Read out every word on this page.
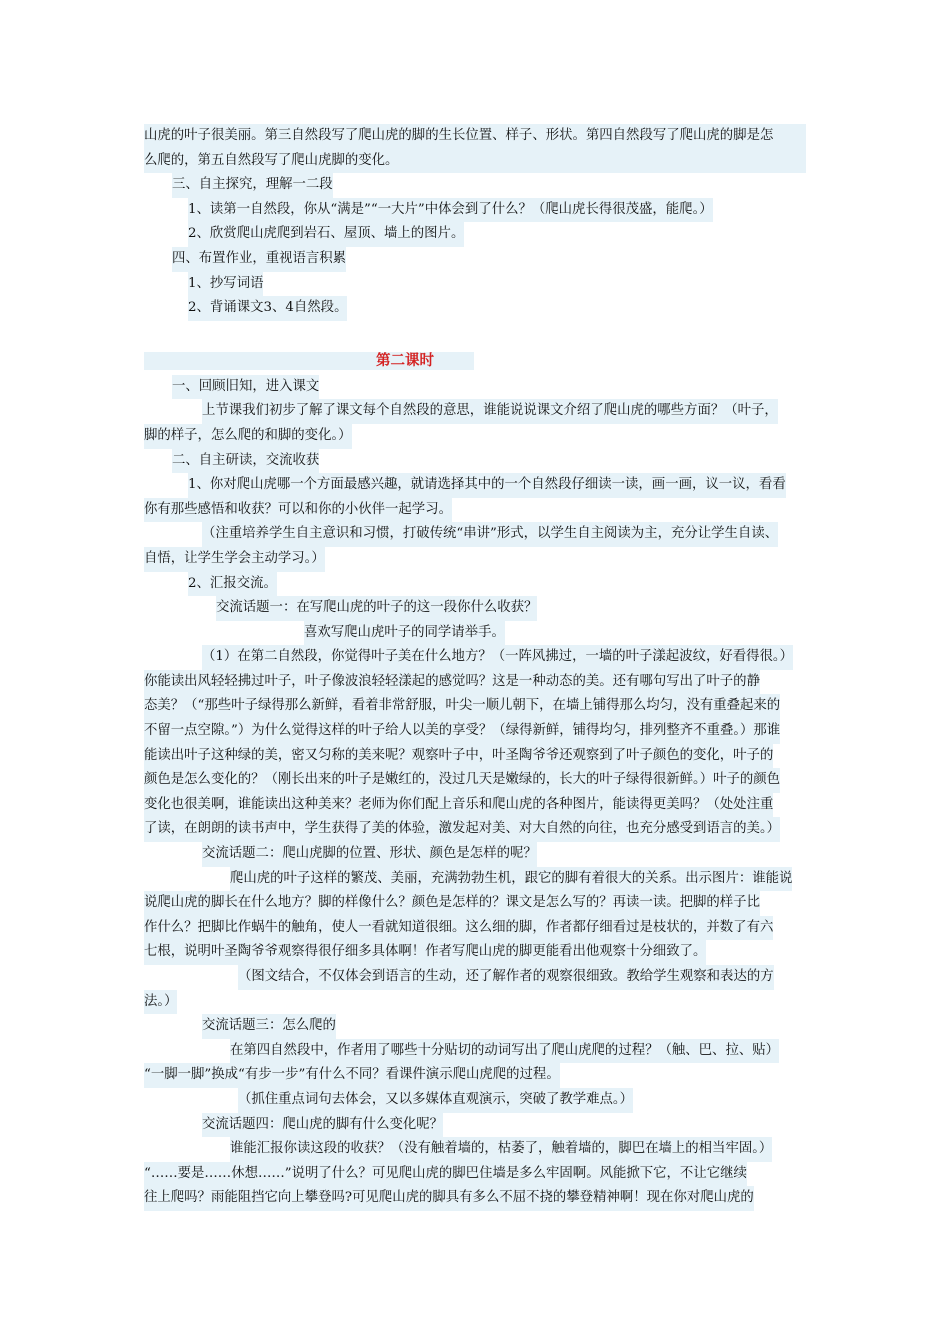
山虎的叶子很美丽。第三自然段写了爬山虎的脚的生长位置、样子、形状。第四自然段写了爬山虎的脚是怎
么爬的，第五自然段写了爬山虎脚的变化。
三、自主探究，理解一二段
1、读第一自然段，你从“满是”“一大片”中体会到了什么？（爬山虎长得很茂盛，能爬。）
2、欣赏爬山虎爬到岩石、屋顶、墙上的图片。
四、布置作业，重视语言积累
1、抄写词语
2、背诵课文3、4自然段。
第二课时
一、回顾旧知，进入课文
上节课我们初步了解了课文每个自然段的意思，谁能说说课文介绍了爬山虎的哪些方面？（叶子，
脚的样子，怎么爬的和脚的变化。）
二、自主研读，交流收获
1、你对爬山虎哪一个方面最感兴趣，就请选择其中的一个自然段仔细读一读，画一画，议一议，看看
你有那些感悟和收获？可以和你的小伙伴一起学习。
（注重培养学生自主意识和习惯，打破传统“串讲”形式，以学生自主阅读为主，充分让学生自读、
自悟，让学生学会主动学习。）
2、汇报交流。
交流话题一：在写爬山虎的叶子的这一段你什么收获？
喜欢写爬山虎叶子的同学请举手。
（1）在第二自然段，你觉得叶子美在什么地方？（一阵风拂过，一墙的叶子漾起波纹，好看得很。）
你能读出风轻轻拂过叶子，叶子像波浪轻轻漾起的感觉吗？这是一种动态的美。还有哪句写出了叶子的静
态美？（“那些叶子绿得那么新鲜，看着非常舒服，叶尖一顺儿朝下，在墙上铺得那么均匀，没有重叠起来的
不留一点空隙。”）为什么觉得这样的叶子给人以美的享受？（绿得新鲜，铺得均匀，排列整齐不重叠。）那谁
能读出叶子这种绿的美，密又匀称的美来呢？观察叶子中，叶圣陶爷爷还观察到了叶子颜色的变化，叶子的
颜色是怎么变化的？（刚长出来的叶子是嫩红的，没过几天是嫩绿的，长大的叶子绿得很新鲜。）叶子的颜色
变化也很美啊，谁能读出这种美来？老师为你们配上音乐和爬山虎的各种图片，能读得更美吗？（处处注重
了读，在朗朗的读书声中，学生获得了美的体验，激发起对美、对大自然的向往，也充分感受到语言的美。）
交流话题二：爬山虎脚的位置、形状、颜色是怎样的呢？
爬山虎的叶子这样的繁茂、美丽，充满勃勃生机，跟它的脚有着很大的关系。出示图片：谁能说
说爬山虎的脚长在什么地方？脚的样像什么？颜色是怎样的？课文是怎么写的？再读一读。把脚的样子比
作什么？把脚比作蜗牛的触角，使人一看就知道很细。这么细的脚，作者都仔细看过是枝状的，并数了有六
七根，说明叶圣陶爷爷观察得很仔细多具体啊！作者写爬山虎的脚更能看出他观察十分细致了。
（图文结合，不仅体会到语言的生动，还了解作者的观察很细致。教给学生观察和表达的方
法。）
交流话题三：怎么爬的
在第四自然段中，作者用了哪些十分贴切的动词写出了爬山虎爬的过程？（触、巴、拉、贴）
“一脚一脚”换成“有步一步”有什么不同？看课件演示爬山虎爬的过程。
（抓住重点词句去体会，又以多媒体直观演示，突破了教学难点。）
交流话题四：爬山虎的脚有什么变化呢？
谁能汇报你读这段的收获？（没有触着墙的，枯萎了，触着墙的，脚巴在墙上的相当牢固。）
“……要是……休想……”说明了什么？可见爬山虎的脚巴住墙是多么牢固啊。风能掀下它，不让它继续
往上爬吗？雨能阻挡它向上攀登吗?可见爬山虎的脚具有多么不屈不挠的攀登精神啊！现在你对爬山虎的
